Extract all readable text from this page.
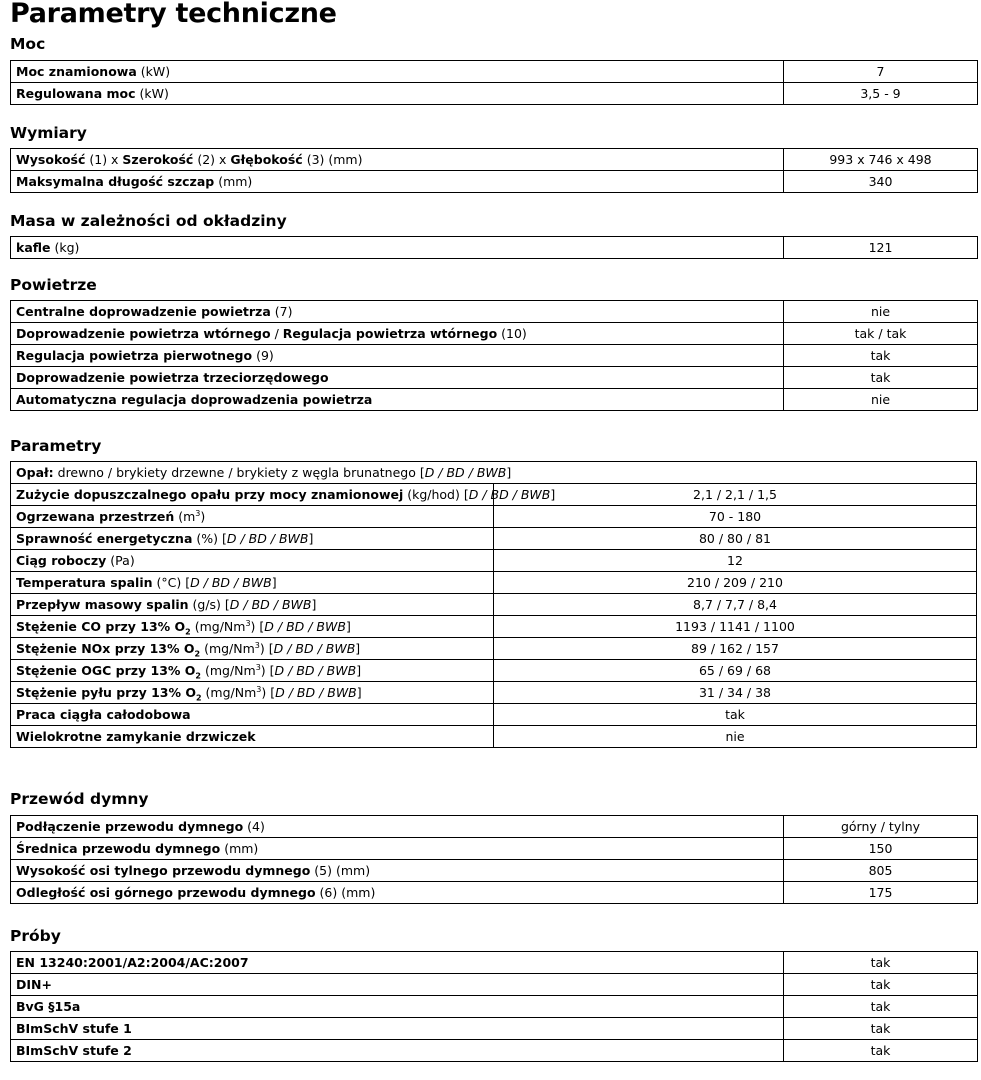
Parametry techniczne
Moc
Moc znamionowa (kW)	7
Regulowana moc (kW)	3,5 - 9
Wymiary
Wysokość (1) x Szerokość (2) x Głębokość (3) (mm)	993 x 746 x 498
Maksymalna długość szczap (mm)	340
Masa w zależności od okładziny
kafle (kg)	121
Powietrze
Centralne doprowadzenie powietrza (7)	nie
Doprowadzenie powietrza wtórnego / Regulacja powietrza wtórnego (10)	tak / tak
Regulacja powietrza pierwotnego (9)	tak
Doprowadzenie powietrza trzeciorzędowego	tak
Automatyczna regulacja doprowadzenia powietrza	nie
Parametry
Opał: drewno / brykiety drzewne / brykiety z węgla brunatnego [D / BD / BWB]	
Zużycie dopuszczalnego opału przy mocy znamionowej (kg/hod) [D / BD / BWB]	2,1 / 2,1 / 1,5
Ogrzewana przestrzeń $(m^3)$	70 - 180
Sprawność energetyczna (%) [D / BD / BWB]	80 / 80 / 81
Ciąg roboczy (Pa)	12
Temperatura spalin (°C) [D / BD / BWB]	210 / 209 / 210
Przepływ masowy spalin (g/s) [D / BD / BWB]	8,7 / 7,7 / 8,4
Stężenie CO przy 13% $O_2$ (mg/Nm$^3$) [D / BD / BWB]	1193 / 1141 / 1100
Stężenie NOx przy 13% $O_2$ (mg/Nm$^3$) [D / BD / BWB]	89 / 162 / 157
Stężenie OGC przy 13% $O_2$ (mg/Nm$^3$) [D / BD / BWB]	65 / 69 / 68
Stężenie pyłu przy 13% $O_2$ (mg/Nm$^3$) [D / BD / BWB]	31 / 34 / 38
Praca ciągła całodobowa	tak
Wielokrotne zamykanie drzwiczek	nie
Przewód dymny
Podłączenie przewodu dymnego (4)	górny / tylny
Średnica przewodu dymnego (mm)	150
Wysokość osi tylnego przewodu dymnego (5) (mm)	805
Odległość osi górnego przewodu dymnego (6) (mm)	175
Próby
EN 13240:2001/A2:2004/AC:2007	tak
DIN+	tak
BvG §15a	tak
BImSchV stufe 1	tak
BImSchV stufe 2	tak
